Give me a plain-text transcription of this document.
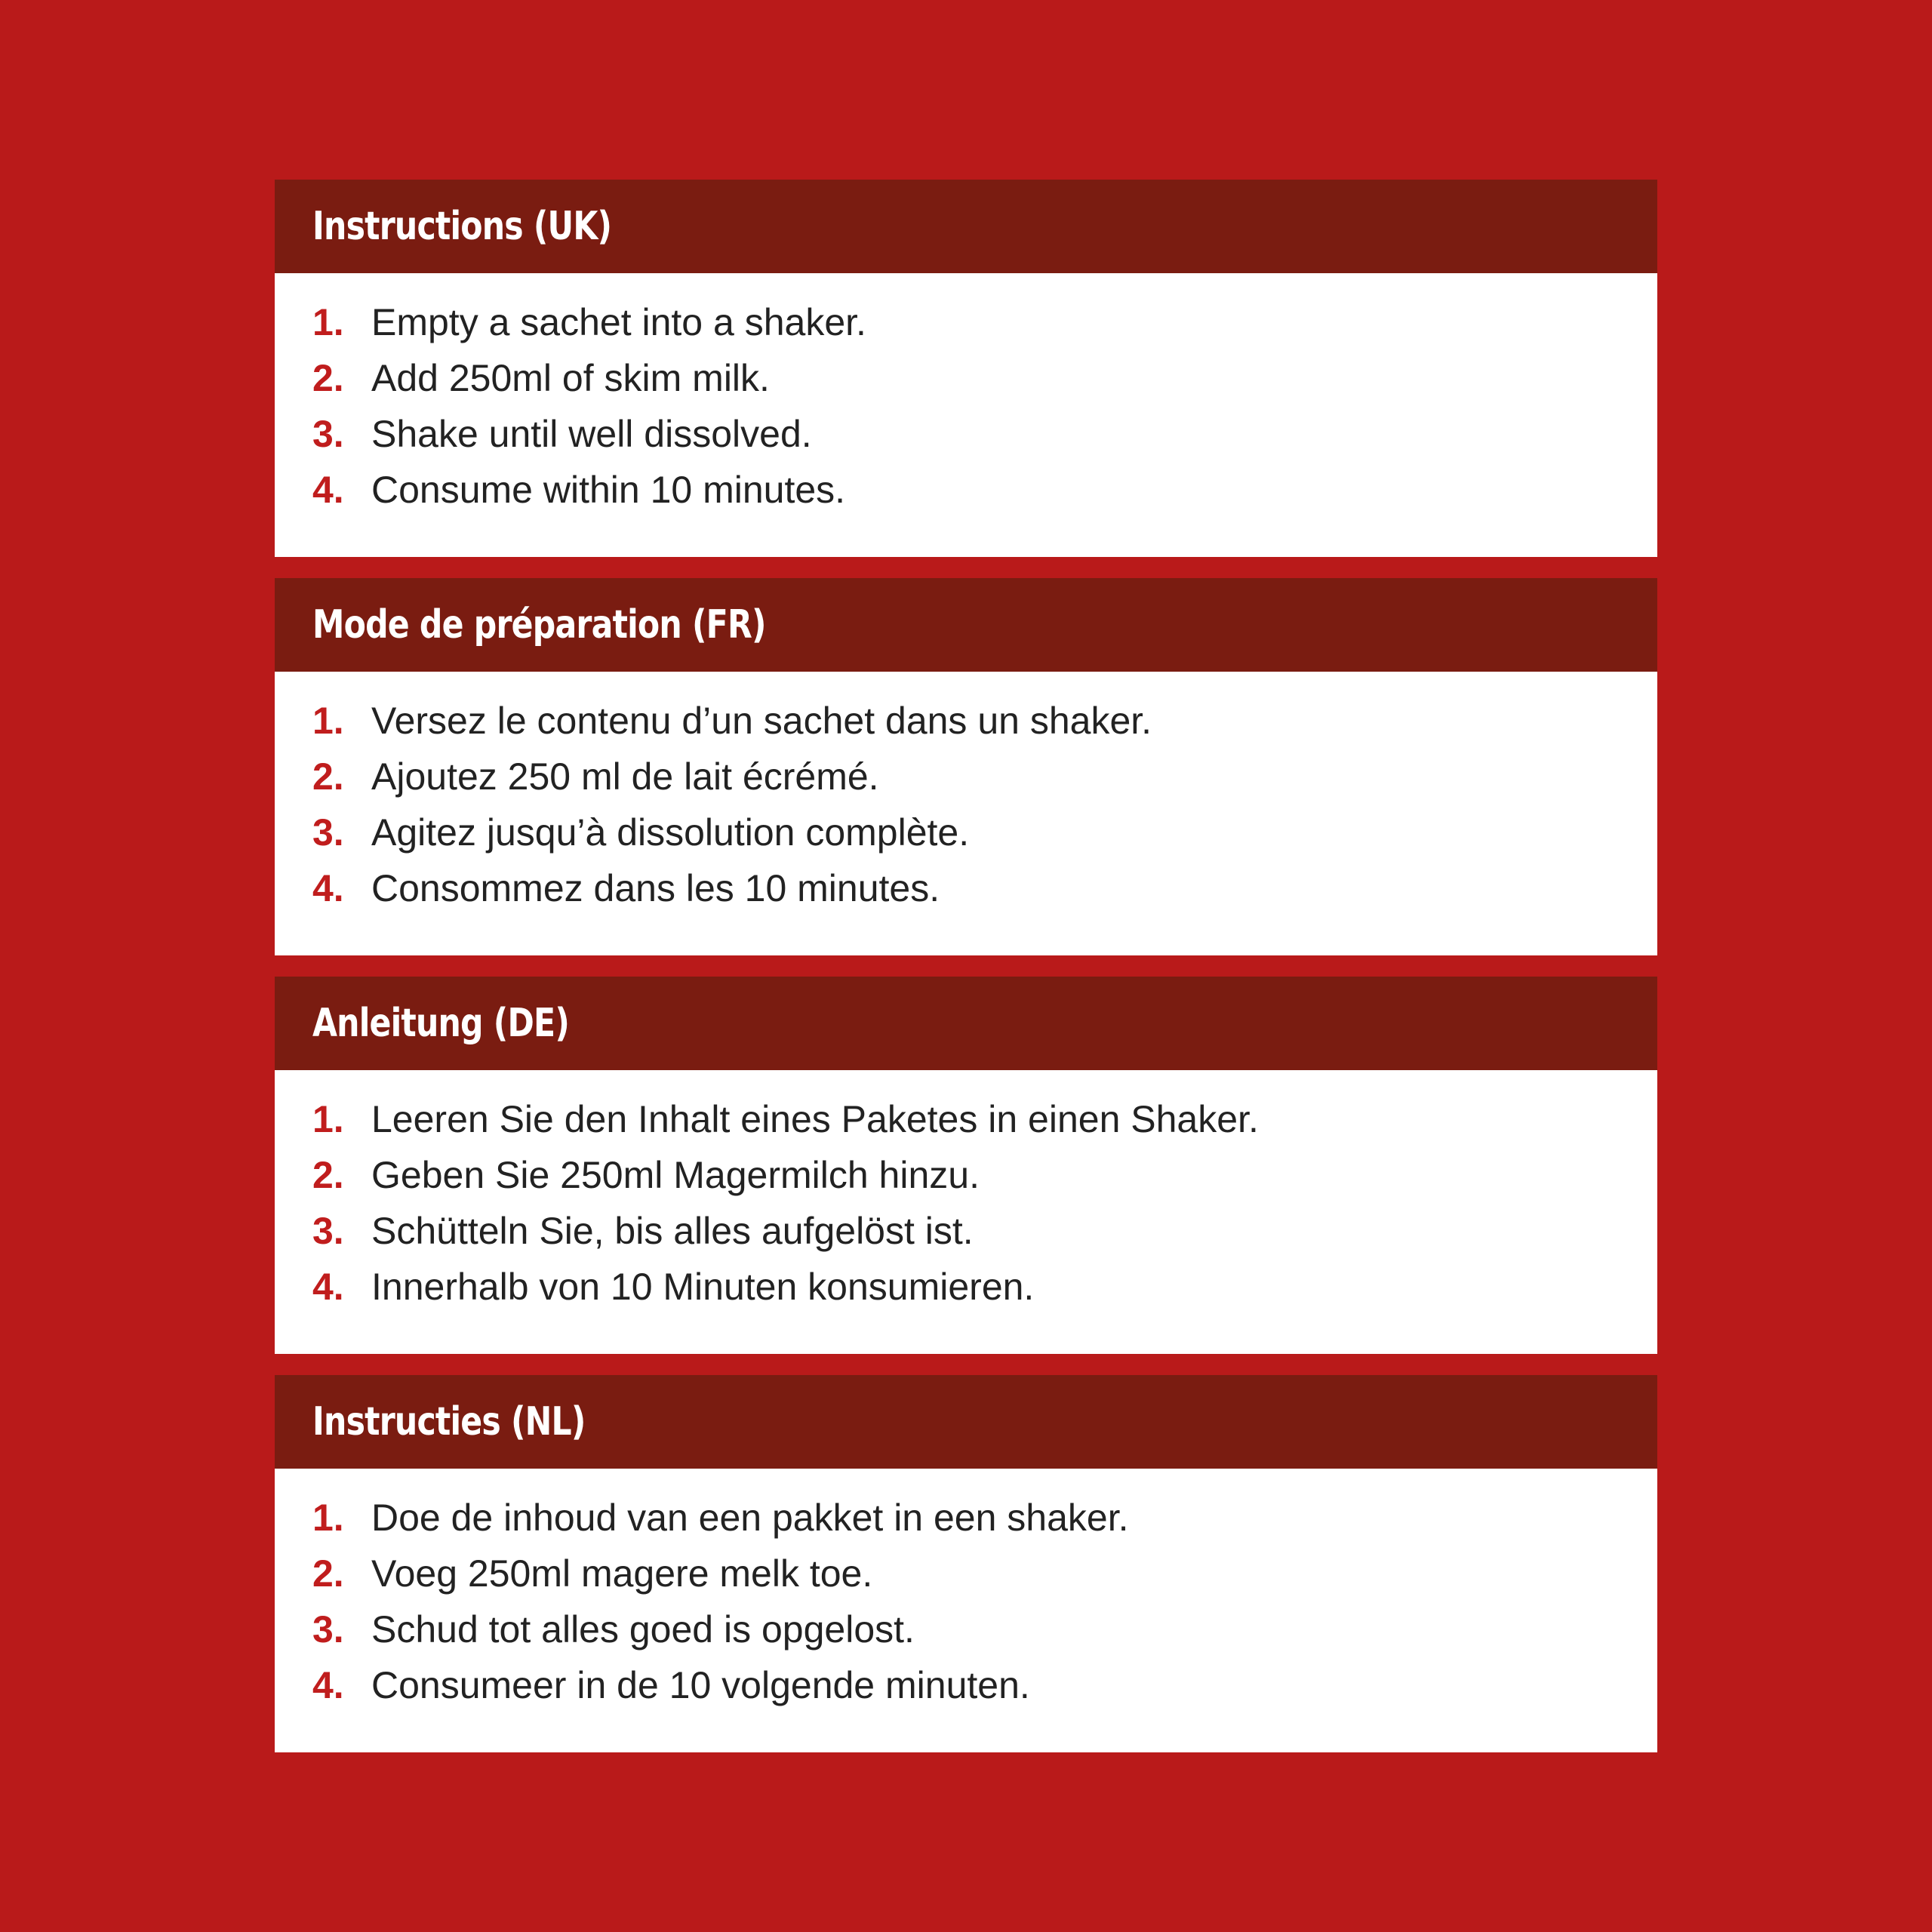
Instructions (UK)
1. Empty a sachet into a shaker.
2. Add 250ml of skim milk.
3. Shake until well dissolved.
4. Consume within 10 minutes.
Mode de préparation (FR)
1. Versez le contenu d’un sachet dans un shaker.
2. Ajoutez 250 ml de lait écrémé.
3. Agitez jusqu’à dissolution complète.
4. Consommez dans les 10 minutes.
Anleitung (DE)
1. Leeren Sie den Inhalt eines Paketes in einen Shaker.
2. Geben Sie 250ml Magermilch hinzu.
3. Schütteln Sie, bis alles aufgelöst ist.
4. Innerhalb von 10 Minuten konsumieren.
Instructies (NL)
1. Doe de inhoud van een pakket in een shaker.
2. Voeg 250ml magere melk toe.
3. Schud tot alles goed is opgelost.
4. Consumeer in de 10 volgende minuten.
